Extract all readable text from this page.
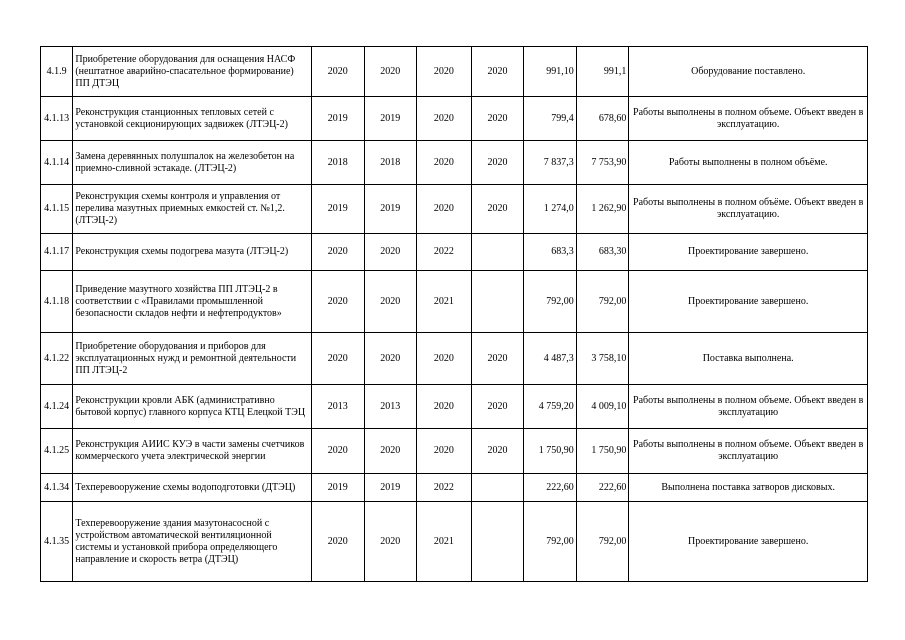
4.1.9	Приобретение оборудования для оснащения НАСФ (нештатное аварийно-спасательное формирование) ПП ДТЭЦ	2020	2020	2020	2020	991,10	991,1	Оборудование поставлено.
4.1.13	Реконструкция станционных тепловых сетей с установкой секционирующих задвижек (ЛТЭЦ-2)	2019	2019	2020	2020	799,4	678,60	Работы выполнены в полном объеме. Объект введен в эксплуатацию.
4.1.14	Замена деревянных полушпалок на железобетон на приемно-сливной эстакаде. (ЛТЭЦ-2)	2018	2018	2020	2020	7 837,3	7 753,90	Работы выполнены в полном объёме.
4.1.15	Реконструкция схемы контроля и управления от перелива мазутных приемных емкостей ст. №1,2. (ЛТЭЦ-2)	2019	2019	2020	2020	1 274,0	1 262,90	Работы выполнены в полном объёме. Объект введен в эксплуатацию.
4.1.17	Реконструкция схемы подогрева мазута (ЛТЭЦ-2)	2020	2020	2022		683,3	683,30	Проектирование завершено.
4.1.18	Приведение мазутного хозяйства ПП ЛТЭЦ-2 в соответствии с «Правилами промышленной безопасности складов нефти и нефтепродуктов»	2020	2020	2021		792,00	792,00	Проектирование завершено.
4.1.22	Приобретение оборудования и приборов для эксплуатационных нужд и ремонтной деятельности ПП ЛТЭЦ-2	2020	2020	2020	2020	4 487,3	3 758,10	Поставка выполнена.
4.1.24	Реконструкции кровли АБК (административно бытовой корпус) главного корпуса КТЦ Елецкой ТЭЦ	2013	2013	2020	2020	4 759,20	4 009,10	Работы выполнены в полном объеме. Объект введен в эксплуатацию
4.1.25	Реконструкция АИИС КУЭ в части замены счетчиков коммерческого учета электрической энергии	2020	2020	2020	2020	1 750,90	1 750,90	Работы выполнены в полном объеме. Объект введен в эксплуатацию
4.1.34	Техперевооружение схемы водоподготовки (ДТЭЦ)	2019	2019	2022		222,60	222,60	Выполнена поставка затворов дисковых.
4.1.35	Техперевооружение здания мазутонасосной с устройством автоматической вентиляционной системы и установкой прибора определяющего направление и скорость ветра (ДТЭЦ)	2020	2020	2021		792,00	792,00	Проектирование завершено.
